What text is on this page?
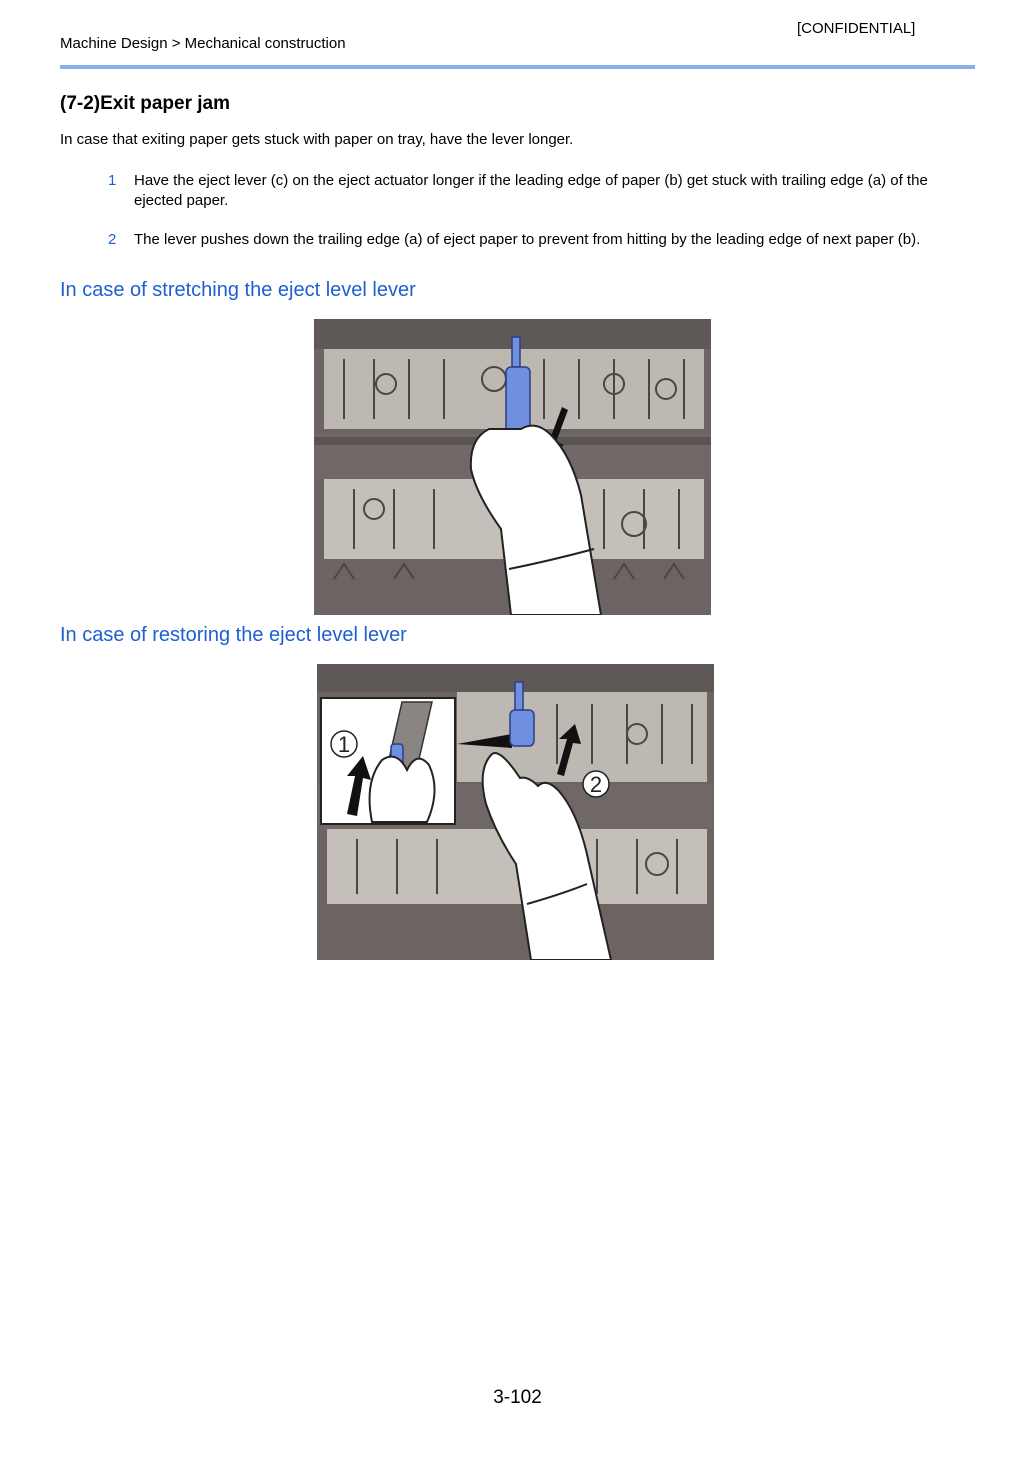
[CONFIDENTIAL]
Machine Design > Mechanical construction
(7-2)Exit paper jam
In case that exiting paper gets stuck with paper on tray, have the lever longer.
1	Have the eject lever (c) on the eject actuator longer if the leading edge of paper (b) get stuck with trailing edge (a) of the ejected paper.
2	The lever pushes down the trailing edge (a) of eject paper to prevent from hitting by the leading edge of next paper (b).
In case of stretching the eject level lever
In case of restoring the eject level lever
1
2
3-102
